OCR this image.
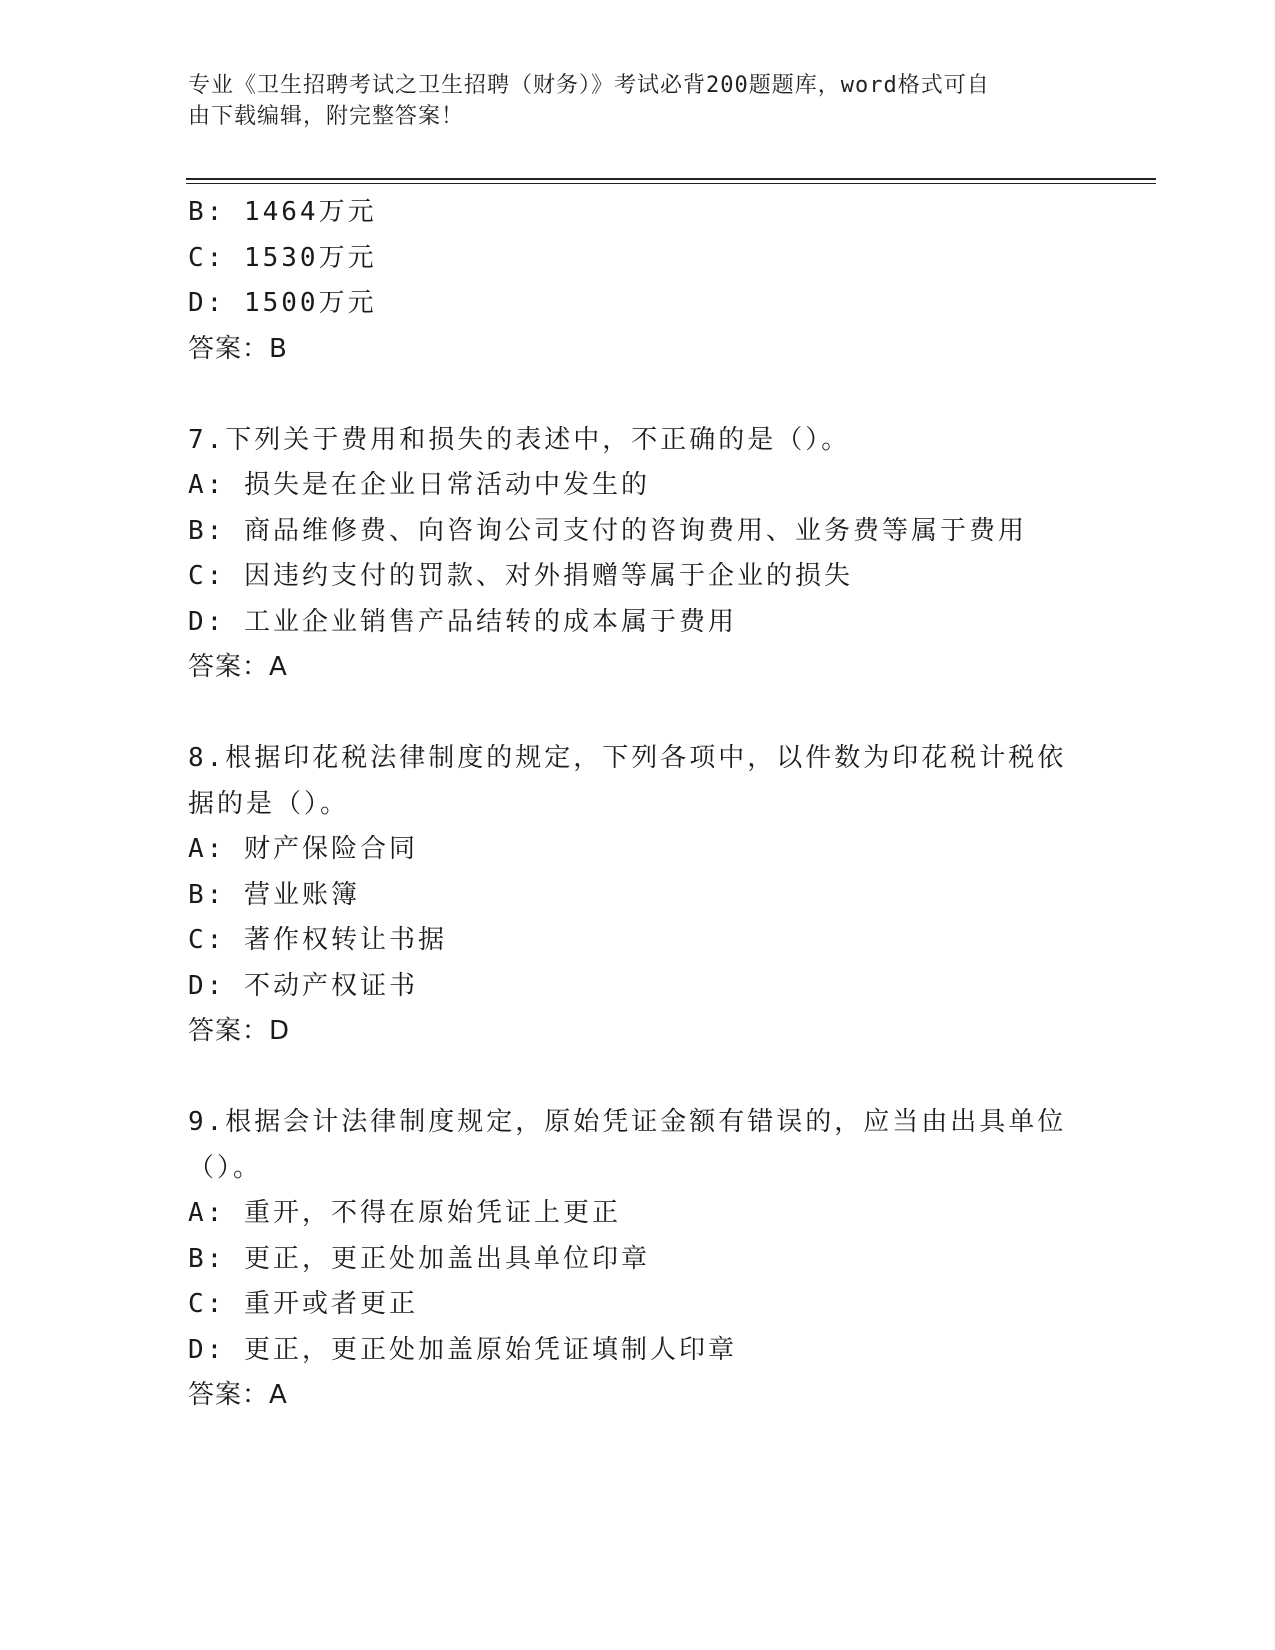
专业《卫生招聘考试之卫生招聘（财务）》考试必背200题题库，word格式可自
由下载编辑，附完整答案！
B: 1464万元
C: 1530万元
D: 1500万元
答案：B
7.下列关于费用和损失的表述中，不正确的是（）。
A: 损失是在企业日常活动中发生的
B: 商品维修费、向咨询公司支付的咨询费用、业务费等属于费用
C: 因违约支付的罚款、对外捐赠等属于企业的损失
D: 工业企业销售产品结转的成本属于费用
答案：A
8.根据印花税法律制度的规定，下列各项中，以件数为印花税计税依
据的是（）。
A: 财产保险合同
B: 营业账簿
C: 著作权转让书据
D: 不动产权证书
答案：D
9.根据会计法律制度规定，原始凭证金额有错误的，应当由出具单位
（）。
A: 重开，不得在原始凭证上更正
B: 更正，更正处加盖出具单位印章
C: 重开或者更正
D: 更正，更正处加盖原始凭证填制人印章
答案：A
